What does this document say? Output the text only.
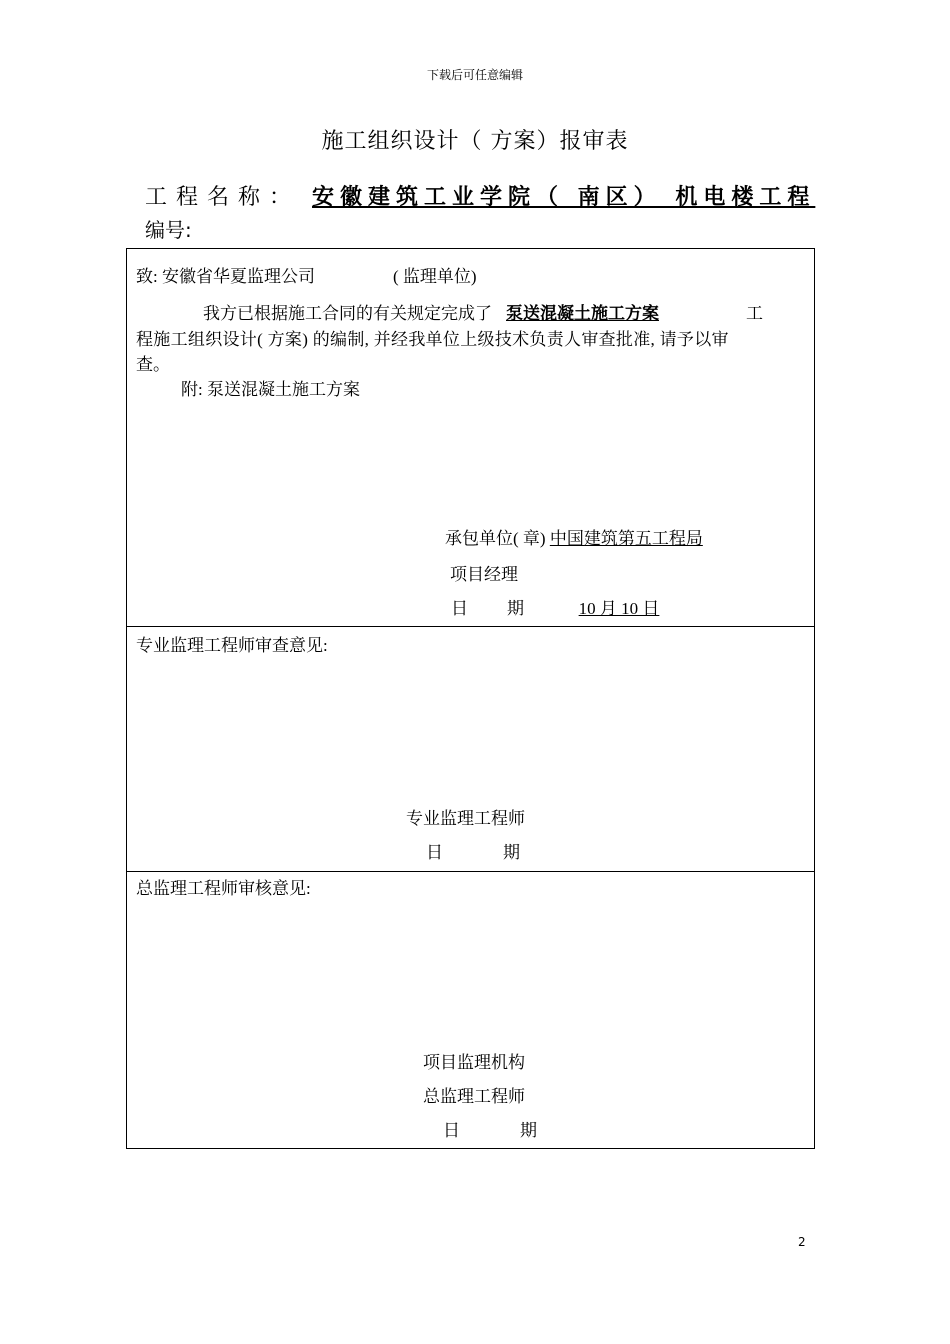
下载后可任意编辑
施工组织设计（ 方案）报审表
工程名称： 安徽建筑工业学院（ 南区） 机电楼工程
编号:
致: 安徽省华夏监理公司	( 监理单位)
我方已根据施工合同的有关规定完成了 泵送混凝土施工方案	工
程施工组织设计( 方案) 的编制, 并经我单位上级技术负责人审查批准, 请予以审
查。
附: 泵送混凝土施工方案
承包单位( 章) 中国建筑第五工程局
项目经理
日 期	10 月 10 日
专业监理工程师审查意见:
专业监理工程师
日	期
总监理工程师审核意见:
项目监理机构
总监理工程师
日	期
2
